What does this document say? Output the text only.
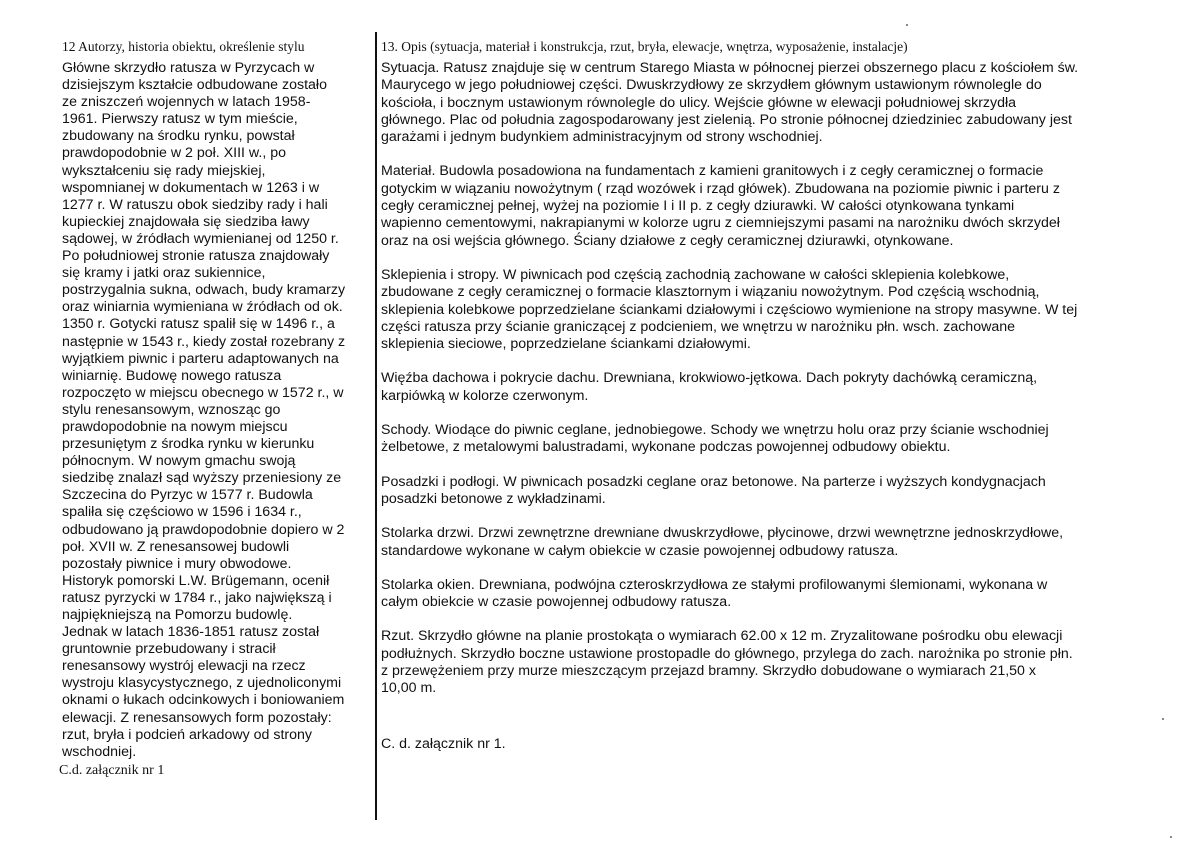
12 Autorzy, historia obiektu, określenie stylu
Główne skrzydło ratusza w Pyrzycach w
dzisiejszym kształcie odbudowane zostało
ze zniszczeń wojennych w latach 1958-
1961. Pierwszy ratusz w tym mieście,
zbudowany na środku rynku, powstał
prawdopodobnie w 2 poł. XIII w., po
wykształceniu się rady miejskiej,
wspomnianej w dokumentach w 1263 i w
1277 r. W ratuszu obok siedziby rady i hali
kupieckiej znajdowała się siedziba ławy
sądowej, w źródłach wymienianej od 1250 r.
Po południowej stronie ratusza znajdowały
się kramy i jatki oraz sukiennice,
postrzygalnia sukna, odwach, budy kramarzy
oraz winiarnia wymieniana w źródłach od ok.
1350 r. Gotycki ratusz spalił się w 1496 r., a
następnie w 1543 r., kiedy został rozebrany z
wyjątkiem piwnic i parteru adaptowanych na
winiarnię. Budowę nowego ratusza
rozpoczęto w miejscu obecnego w 1572 r., w
stylu renesansowym, wznosząc go
prawdopodobnie na nowym miejscu
przesuniętym z środka rynku w kierunku
północnym. W nowym gmachu swoją
siedzibę znalazł sąd wyższy przeniesiony ze
Szczecina do Pyrzyc w 1577 r. Budowla
spaliła się częściowo w 1596 i 1634 r.,
odbudowano ją prawdopodobnie dopiero w 2
poł. XVII w. Z renesansowej budowli
pozostały piwnice i mury obwodowe.
Historyk pomorski L.W. Brügemann, ocenił
ratusz pyrzycki w 1784 r., jako największą i
najpiękniejszą na Pomorzu budowlę.
Jednak w latach 1836-1851 ratusz został
gruntownie przebudowany i stracił
renesansowy wystrój elewacji na rzecz
wystroju klasycystycznego, z ujednoliconymi
oknami o łukach odcinkowych i boniowaniem
elewacji. Z renesansowych form pozostały:
rzut, bryła i podcień arkadowy od strony
wschodniej.
C.d. załącznik nr 1
13. Opis (sytuacja, materiał i konstrukcja, rzut, bryła, elewacje, wnętrza, wyposażenie, instalacje)
Sytuacja. Ratusz znajduje się w centrum Starego Miasta w północnej pierzei obszernego placu z kościołem św.
Maurycego w jego południowej części. Dwuskrzydłowy ze skrzydłem głównym ustawionym równolegle do
kościoła, i bocznym ustawionym równolegle do ulicy. Wejście główne w elewacji południowej skrzydła
głównego. Plac od południa zagospodarowany jest zielenią. Po stronie północnej dziedziniec zabudowany jest
garażami i jednym budynkiem administracyjnym od strony wschodniej.
Materiał. Budowla posadowiona na fundamentach z kamieni granitowych i z cegły ceramicznej o formacie
gotyckim w wiązaniu nowożytnym ( rząd wozówek i rząd główek). Zbudowana na poziomie piwnic i parteru z
cegły ceramicznej pełnej, wyżej na poziomie I i II p. z cegły dziurawki. W całości otynkowana tynkami
wapienno cementowymi, nakrapianymi w kolorze ugru z ciemniejszymi pasami na narożniku dwóch skrzydeł
oraz na osi wejścia głównego. Ściany działowe z cegły ceramicznej dziurawki, otynkowane.
Sklepienia i stropy. W piwnicach pod częścią zachodnią zachowane w całości sklepienia kolebkowe,
zbudowane z cegły ceramicznej o formacie klasztornym i wiązaniu nowożytnym. Pod częścią wschodnią,
sklepienia kolebkowe poprzedzielane ściankami działowymi i częściowo wymienione na stropy masywne. W tej
części ratusza przy ścianie graniczącej z podcieniem, we wnętrzu w narożniku płn. wsch. zachowane
sklepienia sieciowe, poprzedzielane ściankami działowymi.
Więźba dachowa i pokrycie dachu. Drewniana, krokwiowo-jętkowa. Dach pokryty dachówką ceramiczną,
karpiówką w kolorze czerwonym.
Schody. Wiodące do piwnic ceglane, jednobiegowe. Schody we wnętrzu holu oraz przy ścianie wschodniej
żelbetowe, z metalowymi balustradami, wykonane podczas powojennej odbudowy obiektu.
Posadzki i podłogi. W piwnicach posadzki ceglane oraz betonowe. Na parterze i wyższych kondygnacjach
posadzki betonowe z wykładzinami.
Stolarka drzwi. Drzwi zewnętrzne drewniane dwuskrzydłowe, płycinowe, drzwi wewnętrzne jednoskrzydłowe,
standardowe wykonane w całym obiekcie w czasie powojennej odbudowy ratusza.
Stolarka okien. Drewniana, podwójna czteroskrzydłowa ze stałymi profilowanymi ślemionami, wykonana w
całym obiekcie w czasie powojennej odbudowy ratusza.
Rzut. Skrzydło główne na planie prostokąta o wymiarach 62.00 x 12 m. Zryzalitowane pośrodku obu elewacji
podłużnych. Skrzydło boczne ustawione prostopadle do głównego, przylega do zach. narożnika po stronie płn.
z przewężeniem przy murze mieszczącym przejazd bramny. Skrzydło dobudowane o wymiarach 21,50 x
10,00 m.
C. d. załącznik nr 1.
